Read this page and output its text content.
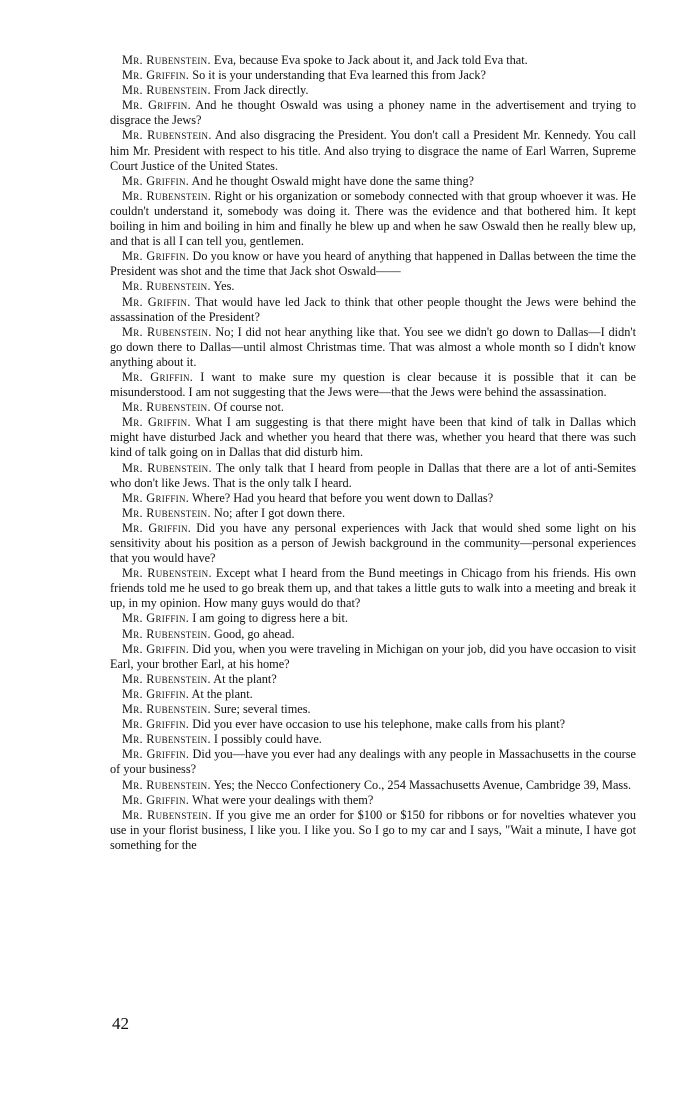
Mr. Rubenstein. Eva, because Eva spoke to Jack about it, and Jack told Eva that.

Mr. Griffin. So it is your understanding that Eva learned this from Jack?

Mr. Rubenstein. From Jack directly.

Mr. Griffin. And he thought Oswald was using a phoney name in the advertisement and trying to disgrace the Jews?

Mr. Rubenstein. And also disgracing the President. You don't call a President Mr. Kennedy. You call him Mr. President with respect to his title. And also trying to disgrace the name of Earl Warren, Supreme Court Justice of the United States.

Mr. Griffin. And he thought Oswald might have done the same thing?

Mr. Rubenstein. Right or his organization or somebody connected with that group whoever it was. He couldn't understand it, somebody was doing it. There was the evidence and that bothered him. It kept boiling in him and boiling in him and finally he blew up and when he saw Oswald then he really blew up, and that is all I can tell you, gentlemen.

Mr. Griffin. Do you know or have you heard of anything that happened in Dallas between the time the President was shot and the time that Jack shot Oswald——

Mr. Rubenstein. Yes.

Mr. Griffin. That would have led Jack to think that other people thought the Jews were behind the assassination of the President?

Mr. Rubenstein. No; I did not hear anything like that. You see we didn't go down to Dallas—I didn't go down there to Dallas—until almost Christmas time. That was almost a whole month so I didn't know anything about it.

Mr. Griffin. I want to make sure my question is clear because it is possible that it can be misunderstood. I am not suggesting that the Jews were—that the Jews were behind the assassination.

Mr. Rubenstein. Of course not.

Mr. Griffin. What I am suggesting is that there might have been that kind of talk in Dallas which might have disturbed Jack and whether you heard that there was, whether you heard that there was such kind of talk going on in Dallas that did disturb him.

Mr. Rubenstein. The only talk that I heard from people in Dallas that there are a lot of anti-Semites who don't like Jews. That is the only talk I heard.

Mr. Griffin. Where? Had you heard that before you went down to Dallas?

Mr. Rubenstein. No; after I got down there.

Mr. Griffin. Did you have any personal experiences with Jack that would shed some light on his sensitivity about his position as a person of Jewish background in the community—personal experiences that you would have?

Mr. Rubenstein. Except what I heard from the Bund meetings in Chicago from his friends. His own friends told me he used to go break them up, and that takes a little guts to walk into a meeting and break it up, in my opinion. How many guys would do that?

Mr. Griffin. I am going to digress here a bit.

Mr. Rubenstein. Good, go ahead.

Mr. Griffin. Did you, when you were traveling in Michigan on your job, did you have occasion to visit Earl, your brother Earl, at his home?

Mr. Rubenstein. At the plant?

Mr. Griffin. At the plant.

Mr. Rubenstein. Sure; several times.

Mr. Griffin. Did you ever have occasion to use his telephone, make calls from his plant?

Mr. Rubenstein. I possibly could have.

Mr. Griffin. Did you—have you ever had any dealings with any people in Massachusetts in the course of your business?

Mr. Rubenstein. Yes; the Necco Confectionery Co., 254 Massachusetts Avenue, Cambridge 39, Mass.

Mr. Griffin. What were your dealings with them?

Mr. Rubenstein. If you give me an order for $100 or $150 for ribbons or for novelties whatever you use in your florist business, I like you. I like you. So I go to my car and I says, "Wait a minute, I have got something for the

42
